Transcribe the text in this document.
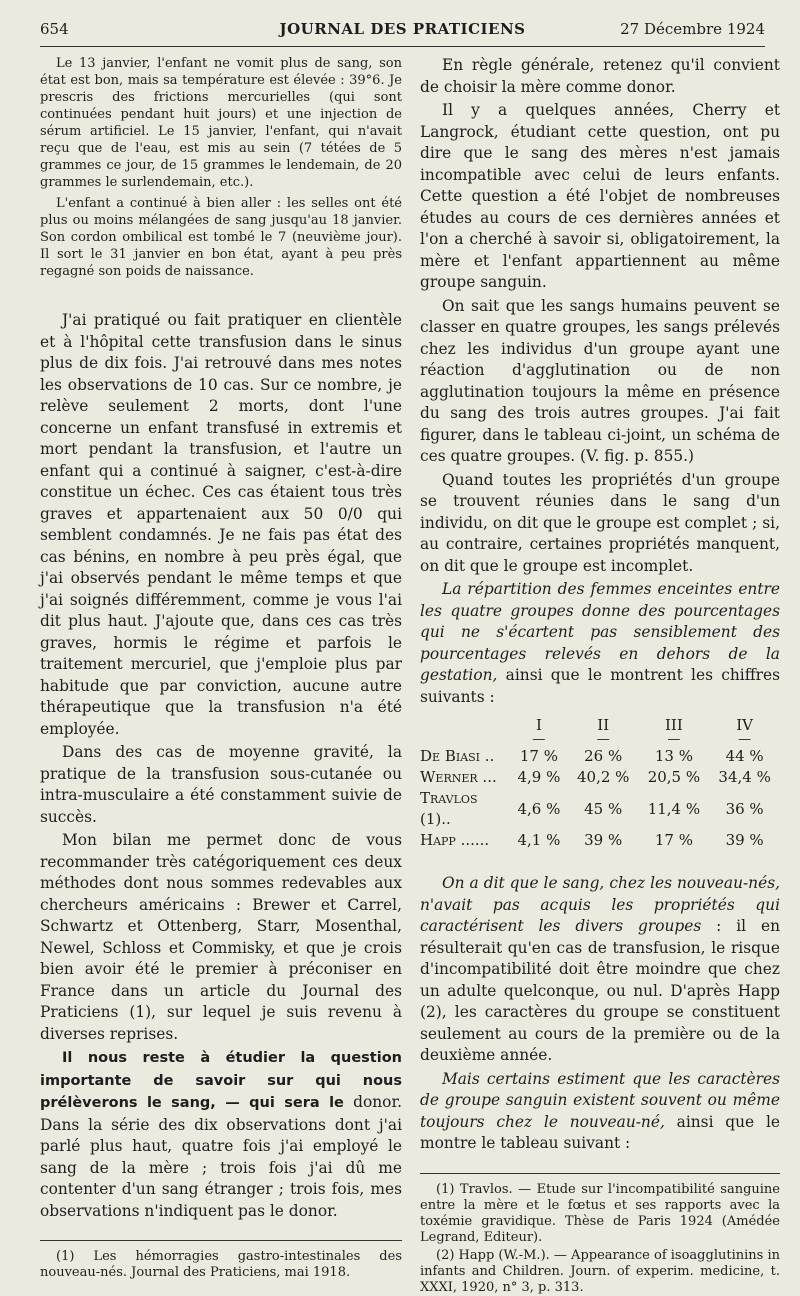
654	JOURNAL DES PRATICIENS	27 Décembre 1924

Le 13 janvier, l'enfant ne vomit plus de sang, son état est bon, mais sa température est élevée : 39°6. Je prescris des frictions mercurielles (qui sont continuées pendant huit jours) et une injection de sérum artificiel. Le 15 janvier, l'enfant, qui n'avait reçu que de l'eau, est mis au sein (7 tétées de 5 grammes ce jour, de 15 grammes le lendemain, de 20 grammes le surlendemain, etc.).

L'enfant a continué à bien aller : les selles ont été plus ou moins mélangées de sang jusqu'au 18 janvier. Son cordon ombilical est tombé le 7 (neuvième jour). Il sort le 31 janvier en bon état, ayant à peu près regagné son poids de naissance.

J'ai pratiqué ou fait pratiquer en clientèle et à l'hôpital cette transfusion dans le sinus plus de dix fois. J'ai retrouvé dans mes notes les observations de 10 cas. Sur ce nombre, je relève seulement 2 morts, dont l'une concerne un enfant transfusé in extremis et mort pendant la transfusion, et l'autre un enfant qui a continué à saigner, c'est-à-dire constitue un échec. Ces cas étaient tous très graves et appartenaient aux 50 0/0 qui semblent condamnés. Je ne fais pas état des cas bénins, en nombre à peu près égal, que j'ai observés pendant le même temps et que j'ai soignés différemment, comme je vous l'ai dit plus haut. J'ajoute que, dans ces cas très graves, hormis le régime et parfois le traitement mercuriel, que j'emploie plus par habitude que par conviction, aucune autre thérapeutique que la transfusion n'a été employée.

Dans des cas de moyenne gravité, la pratique de la transfusion sous-cutanée ou intra-musculaire a été constamment suivie de succès.

Mon bilan me permet donc de vous recommander très catégoriquement ces deux méthodes dont nous sommes redevables aux chercheurs américains : Brewer et Carrel, Schwartz et Ottenberg, Starr, Mosenthal, Newel, Schloss et Commisky, et que je crois bien avoir été le premier à préconiser en France dans un article du Journal des Praticiens (1), sur lequel je suis revenu à diverses reprises.

Il nous reste à étudier la question importante de savoir sur qui nous prélèverons le sang, — qui sera le donor. Dans la série des dix observations dont j'ai parlé plus haut, quatre fois j'ai employé le sang de la mère ; trois fois j'ai dû me contenter d'un sang étranger ; trois fois, mes observations n'indiquent pas le donor.

(1) Les hémorragies gastro-intestinales des nouveau-nés. Journal des Praticiens, mai 1918.

En règle générale, retenez qu'il convient de choisir la mère comme donor.

Il y a quelques années, Cherry et Langrock, étudiant cette question, ont pu dire que le sang des mères n'est jamais incompatible avec celui de leurs enfants. Cette question a été l'objet de nombreuses études au cours de ces dernières années et l'on a cherché à savoir si, obligatoirement, la mère et l'enfant appartiennent au même groupe sanguin.

On sait que les sangs humains peuvent se classer en quatre groupes, les sangs prélevés chez les individus d'un groupe ayant une réaction d'agglutination ou de non agglutination toujours la même en présence du sang des trois autres groupes. J'ai fait figurer, dans le tableau ci-joint, un schéma de ces quatre groupes. (V. fig. p. 855.)

Quand toutes les propriétés d'un groupe se trouvent réunies dans le sang d'un individu, on dit que le groupe est complet ; si, au contraire, certaines propriétés manquent, on dit que le groupe est incomplet.

La répartition des femmes enceintes entre les quatre groupes donne des pourcentages qui ne s'écartent pas sensiblement des pourcentages relevés en dehors de la gestation, ainsi que le montrent les chiffres suivants :

	I	II	III	IV
	—	—	—	—
De Biasi ..	17 %	26 %	13 %	44 %
Werner ...	4,9 %	40,2 %	20,5 %	34,4 %
Travlos (1)..	4,6 %	45 %	11,4 %	36 %
Happ ......	4,1 %	39 %	17 %	39 %

On a dit que le sang, chez les nouveau-nés, n'avait pas acquis les propriétés qui caractérisent les divers groupes : il en résulterait qu'en cas de transfusion, le risque d'incompatibilité doit être moindre que chez un adulte quelconque, ou nul. D'après Happ (2), les caractères du groupe se constituent seulement au cours de la première ou de la deuxième année.

Mais certains estiment que les caractères de groupe sanguin existent souvent ou même toujours chez le nouveau-né, ainsi que le montre le tableau suivant :

(1) Travlos. — Etude sur l'incompatibilité sanguine entre la mère et le fœtus et ses rapports avec la toxémie gravidique. Thèse de Paris 1924 (Amédée Legrand, Editeur).

(2) Happ (W.-M.). — Appearance of isoagglutinins in infants and Children. Journ. of experim. medicine, t. XXXI, 1920, n° 3, p. 313.
